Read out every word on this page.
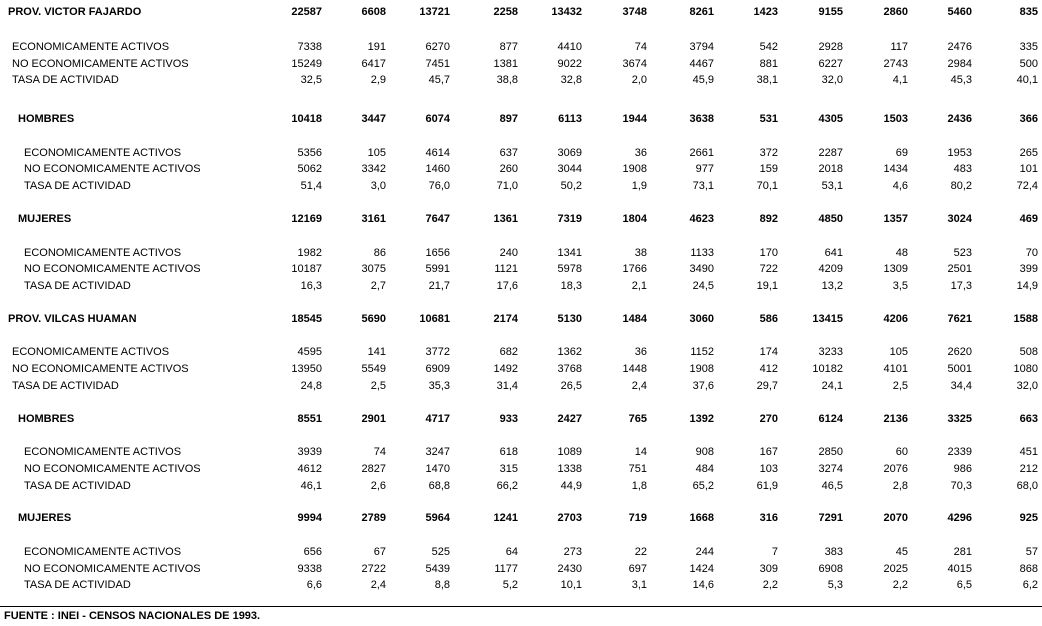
PROV. VICTOR FAJARDO	22587	6608	13721	2258	13432	3748	8261	1423	9155	2860	5460	835
ECONOMICAMENTE ACTIVOS	7338	191	6270	877	4410	74	3794	542	2928	117	2476	335
NO ECONOMICAMENTE ACTIVOS	15249	6417	7451	1381	9022	3674	4467	881	6227	2743	2984	500
TASA DE ACTIVIDAD	32,5	2,9	45,7	38,8	32,8	2,0	45,9	38,1	32,0	4,1	45,3	40,1
HOMBRES	10418	3447	6074	897	6113	1944	3638	531	4305	1503	2436	366
ECONOMICAMENTE ACTIVOS	5356	105	4614	637	3069	36	2661	372	2287	69	1953	265
NO ECONOMICAMENTE ACTIVOS	5062	3342	1460	260	3044	1908	977	159	2018	1434	483	101
TASA DE ACTIVIDAD	51,4	3,0	76,0	71,0	50,2	1,9	73,1	70,1	53,1	4,6	80,2	72,4
MUJERES	12169	3161	7647	1361	7319	1804	4623	892	4850	1357	3024	469
ECONOMICAMENTE ACTIVOS	1982	86	1656	240	1341	38	1133	170	641	48	523	70
NO ECONOMICAMENTE ACTIVOS	10187	3075	5991	1121	5978	1766	3490	722	4209	1309	2501	399
TASA DE ACTIVIDAD	16,3	2,7	21,7	17,6	18,3	2,1	24,5	19,1	13,2	3,5	17,3	14,9
PROV. VILCAS HUAMAN	18545	5690	10681	2174	5130	1484	3060	586	13415	4206	7621	1588
ECONOMICAMENTE ACTIVOS	4595	141	3772	682	1362	36	1152	174	3233	105	2620	508
NO ECONOMICAMENTE ACTIVOS	13950	5549	6909	1492	3768	1448	1908	412	10182	4101	5001	1080
TASA DE ACTIVIDAD	24,8	2,5	35,3	31,4	26,5	2,4	37,6	29,7	24,1	2,5	34,4	32,0
HOMBRES	8551	2901	4717	933	2427	765	1392	270	6124	2136	3325	663
ECONOMICAMENTE ACTIVOS	3939	74	3247	618	1089	14	908	167	2850	60	2339	451
NO ECONOMICAMENTE ACTIVOS	4612	2827	1470	315	1338	751	484	103	3274	2076	986	212
TASA DE ACTIVIDAD	46,1	2,6	68,8	66,2	44,9	1,8	65,2	61,9	46,5	2,8	70,3	68,0
MUJERES	9994	2789	5964	1241	2703	719	1668	316	7291	2070	4296	925
ECONOMICAMENTE ACTIVOS	656	67	525	64	273	22	244	7	383	45	281	57
NO ECONOMICAMENTE ACTIVOS	9338	2722	5439	1177	2430	697	1424	309	6908	2025	4015	868
TASA DE ACTIVIDAD	6,6	2,4	8,8	5,2	10,1	3,1	14,6	2,2	5,3	2,2	6,5	6,2
FUENTE : INEI - CENSOS NACIONALES DE 1993.
